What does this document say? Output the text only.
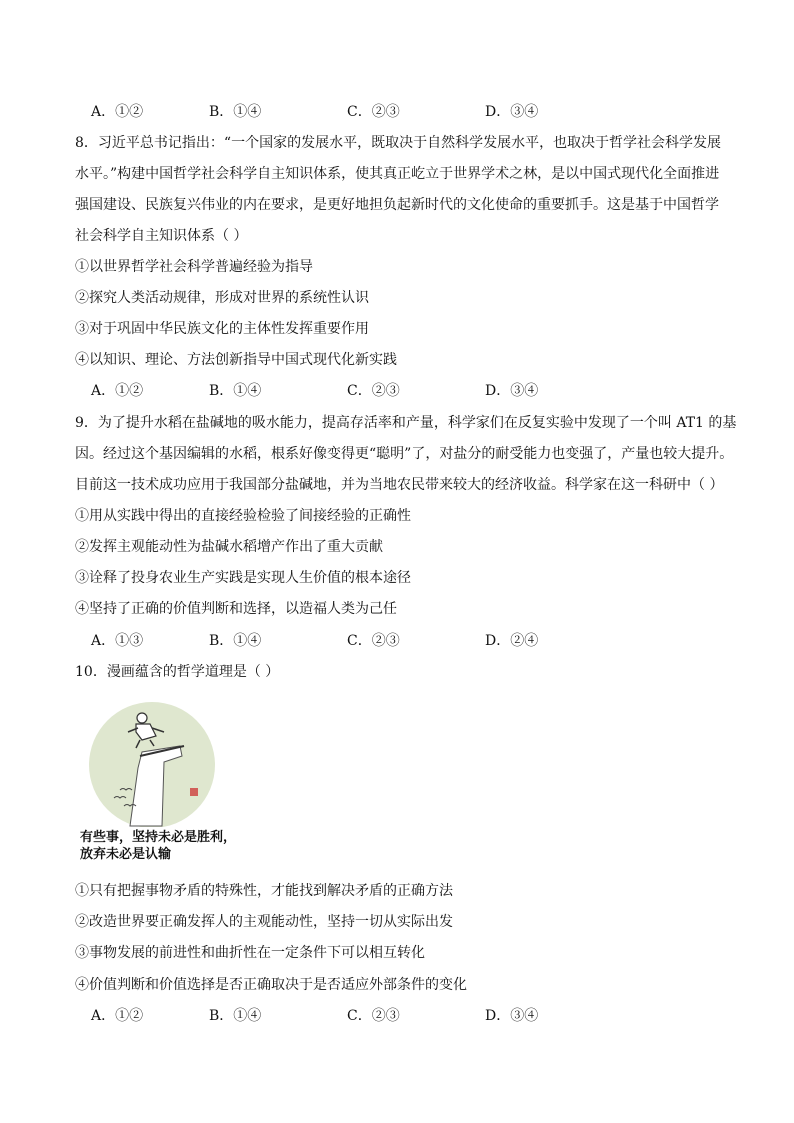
A．①②	B．①④	C．②③	D．③④
8．习近平总书记指出：“一个国家的发展水平，既取决于自然科学发展水平，也取决于哲学社会科学发展
水平。”构建中国哲学社会科学自主知识体系，使其真正屹立于世界学术之林，是以中国式现代化全面推进
强国建设、民族复兴伟业的内在要求，是更好地担负起新时代的文化使命的重要抓手。这是基于中国哲学
社会科学自主知识体系（ ）
①以世界哲学社会科学普遍经验为指导
②探究人类活动规律，形成对世界的系统性认识
③对于巩固中华民族文化的主体性发挥重要作用
④以知识、理论、方法创新指导中国式现代化新实践
A．①②	B．①④	C．②③	D．③④
9．为了提升水稻在盐碱地的吸水能力，提高存活率和产量，科学家们在反复实验中发现了一个叫 AT1 的基
因。经过这个基因编辑的水稻，根系好像变得更“聪明”了，对盐分的耐受能力也变强了，产量也较大提升。
目前这一技术成功应用于我国部分盐碱地，并为当地农民带来较大的经济收益。科学家在这一科研中（ ）
①用从实践中得出的直接经验检验了间接经验的正确性
②发挥主观能动性为盐碱水稻增产作出了重大贡献
③诠释了投身农业生产实践是实现人生价值的根本途径
④坚持了正确的价值判断和选择，以造福人类为己任
A．①③	B．①④	C．②③	D．②④
10．漫画蕴含的哲学道理是（ ）
有些事，坚持未必是胜利，
放弃未必是认输
①只有把握事物矛盾的特殊性，才能找到解决矛盾的正确方法
②改造世界要正确发挥人的主观能动性，坚持一切从实际出发
③事物发展的前进性和曲折性在一定条件下可以相互转化
④价值判断和价值选择是否正确取决于是否适应外部条件的变化
A．①②	B．①④	C．②③	D．③④
